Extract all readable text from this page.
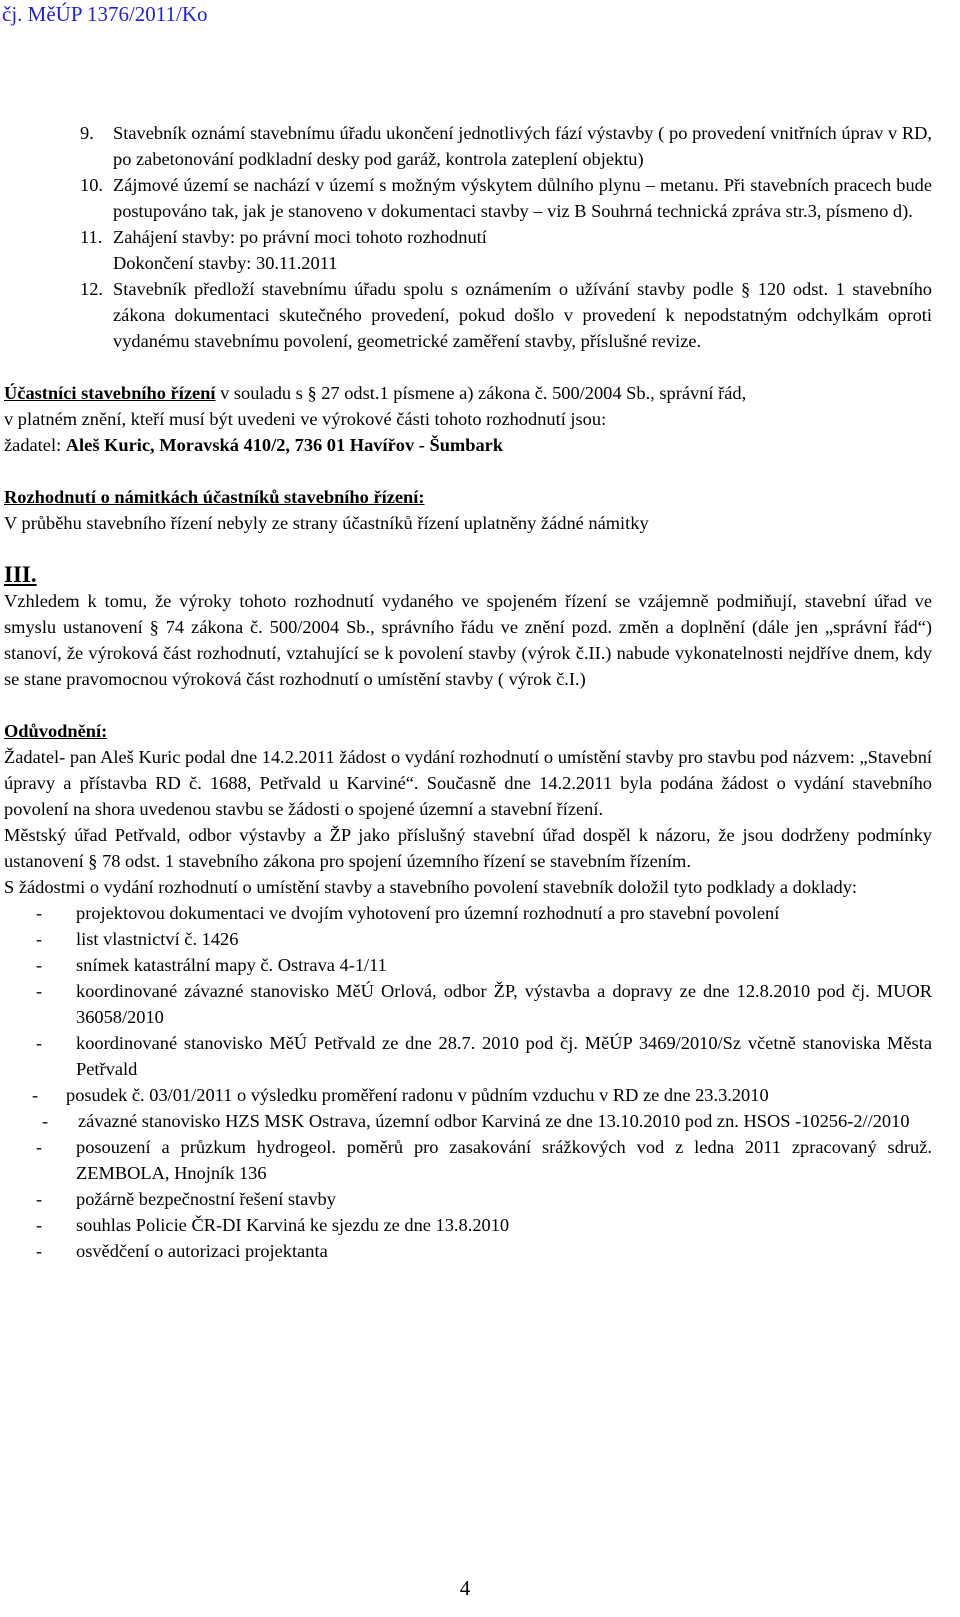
čj. MěÚP 1376/2011/Ko
9.	Stavebník oznámí stavebnímu úřadu ukončení jednotlivých fází výstavby ( po provedení vnitřních úprav v RD, po zabetonování podkladní desky pod garáž, kontrola zateplení objektu)
10. Zájmové území se nachází v území s možným výskytem důlního plynu – metanu. Při stavebních pracech bude postupováno tak, jak je stanoveno v dokumentaci stavby – viz B Souhrná technická zpráva str.3, písmeno d).
11. Zahájení stavby: po právní moci tohoto rozhodnutí
Dokončení stavby: 30.11.2011
12. Stavebník předloží stavebnímu úřadu spolu s oznámením o užívání stavby podle § 120 odst. 1 stavebního zákona dokumentaci skutečného provedení, pokud došlo v provedení k nepodstatným odchylkám oproti vydanému stavebnímu povolení, geometrické zaměření stavby, příslušné revize.
Účastníci stavebního řízení v souladu s § 27 odst.1 písmene a) zákona č. 500/2004 Sb., správní řád,
v platném znění, kteří musí být uvedeni ve výrokové části tohoto rozhodnutí jsou:
žadatel: Aleš Kuric, Moravská 410/2, 736 01 Havířov - Šumbark
Rozhodnutí o námitkách účastníků stavebního řízení:
V průběhu stavebního řízení nebyly ze strany účastníků řízení uplatněny žádné námitky
III.
Vzhledem k tomu, že výroky tohoto rozhodnutí vydaného ve spojeném řízení se vzájemně podmiňují, stavební úřad ve smyslu ustanovení § 74 zákona č. 500/2004 Sb., správního řádu ve znění pozd. změn a doplnění (dále jen „správní řád“) stanoví, že výroková část rozhodnutí, vztahující se k povolení stavby (výrok č.II.) nabude vykonatelnosti nejdříve dnem, kdy se stane pravomocnou výroková část rozhodnutí o umístění stavby ( výrok č.I.)
Odůvodnění:
Žadatel- pan Aleš Kuric podal dne 14.2.2011 žádost o vydání rozhodnutí o umístění stavby pro stavbu pod názvem: „Stavební úpravy a přístavba RD č. 1688, Petřvald u Karviné“. Současně dne 14.2.2011 byla podána žádost o vydání stavebního povolení na shora uvedenou stavbu se žádosti o spojené územní a stavební řízení.
Městský úřad Petřvald, odbor výstavby a ŽP jako příslušný stavební úřad dospěl k názoru, že jsou dodrženy podmínky ustanovení § 78 odst. 1 stavebního zákona pro spojení územního řízení se stavebním řízením.
S žádostmi o vydání rozhodnutí o umístění stavby a stavebního povolení stavebník doložil tyto podklady a doklady:
-	projektovou dokumentaci ve dvojím vyhotovení pro územní rozhodnutí a pro stavební povolení
-	list vlastnictví č. 1426
-	snímek katastrální mapy č. Ostrava 4-1/11
-	koordinované závazné stanovisko MěÚ Orlová, odbor ŽP, výstavba a dopravy ze dne 12.8.2010 pod čj. MUOR 36058/2010
-	koordinované stanovisko MěÚ Petřvald ze dne 28.7. 2010 pod čj. MěÚP 3469/2010/Sz včetně stanoviska Města Petřvald
-	posudek č. 03/01/2011 o výsledku proměření radonu v půdním vzduchu v RD ze dne 23.3.2010
-	závazné stanovisko HZS MSK Ostrava, územní odbor Karviná ze dne 13.10.2010 pod zn. HSOS -10256-2//2010
-	posouzení a průzkum hydrogeol. poměrů pro zasakování srážkových vod z ledna 2011 zpracovaný sdruž. ZEMBOLA, Hnojník 136
-	požárně bezpečnostní řešení stavby
-	souhlas Policie ČR-DI Karviná ke sjezdu ze dne 13.8.2010
-	osvědčení o autorizaci projektanta
4
